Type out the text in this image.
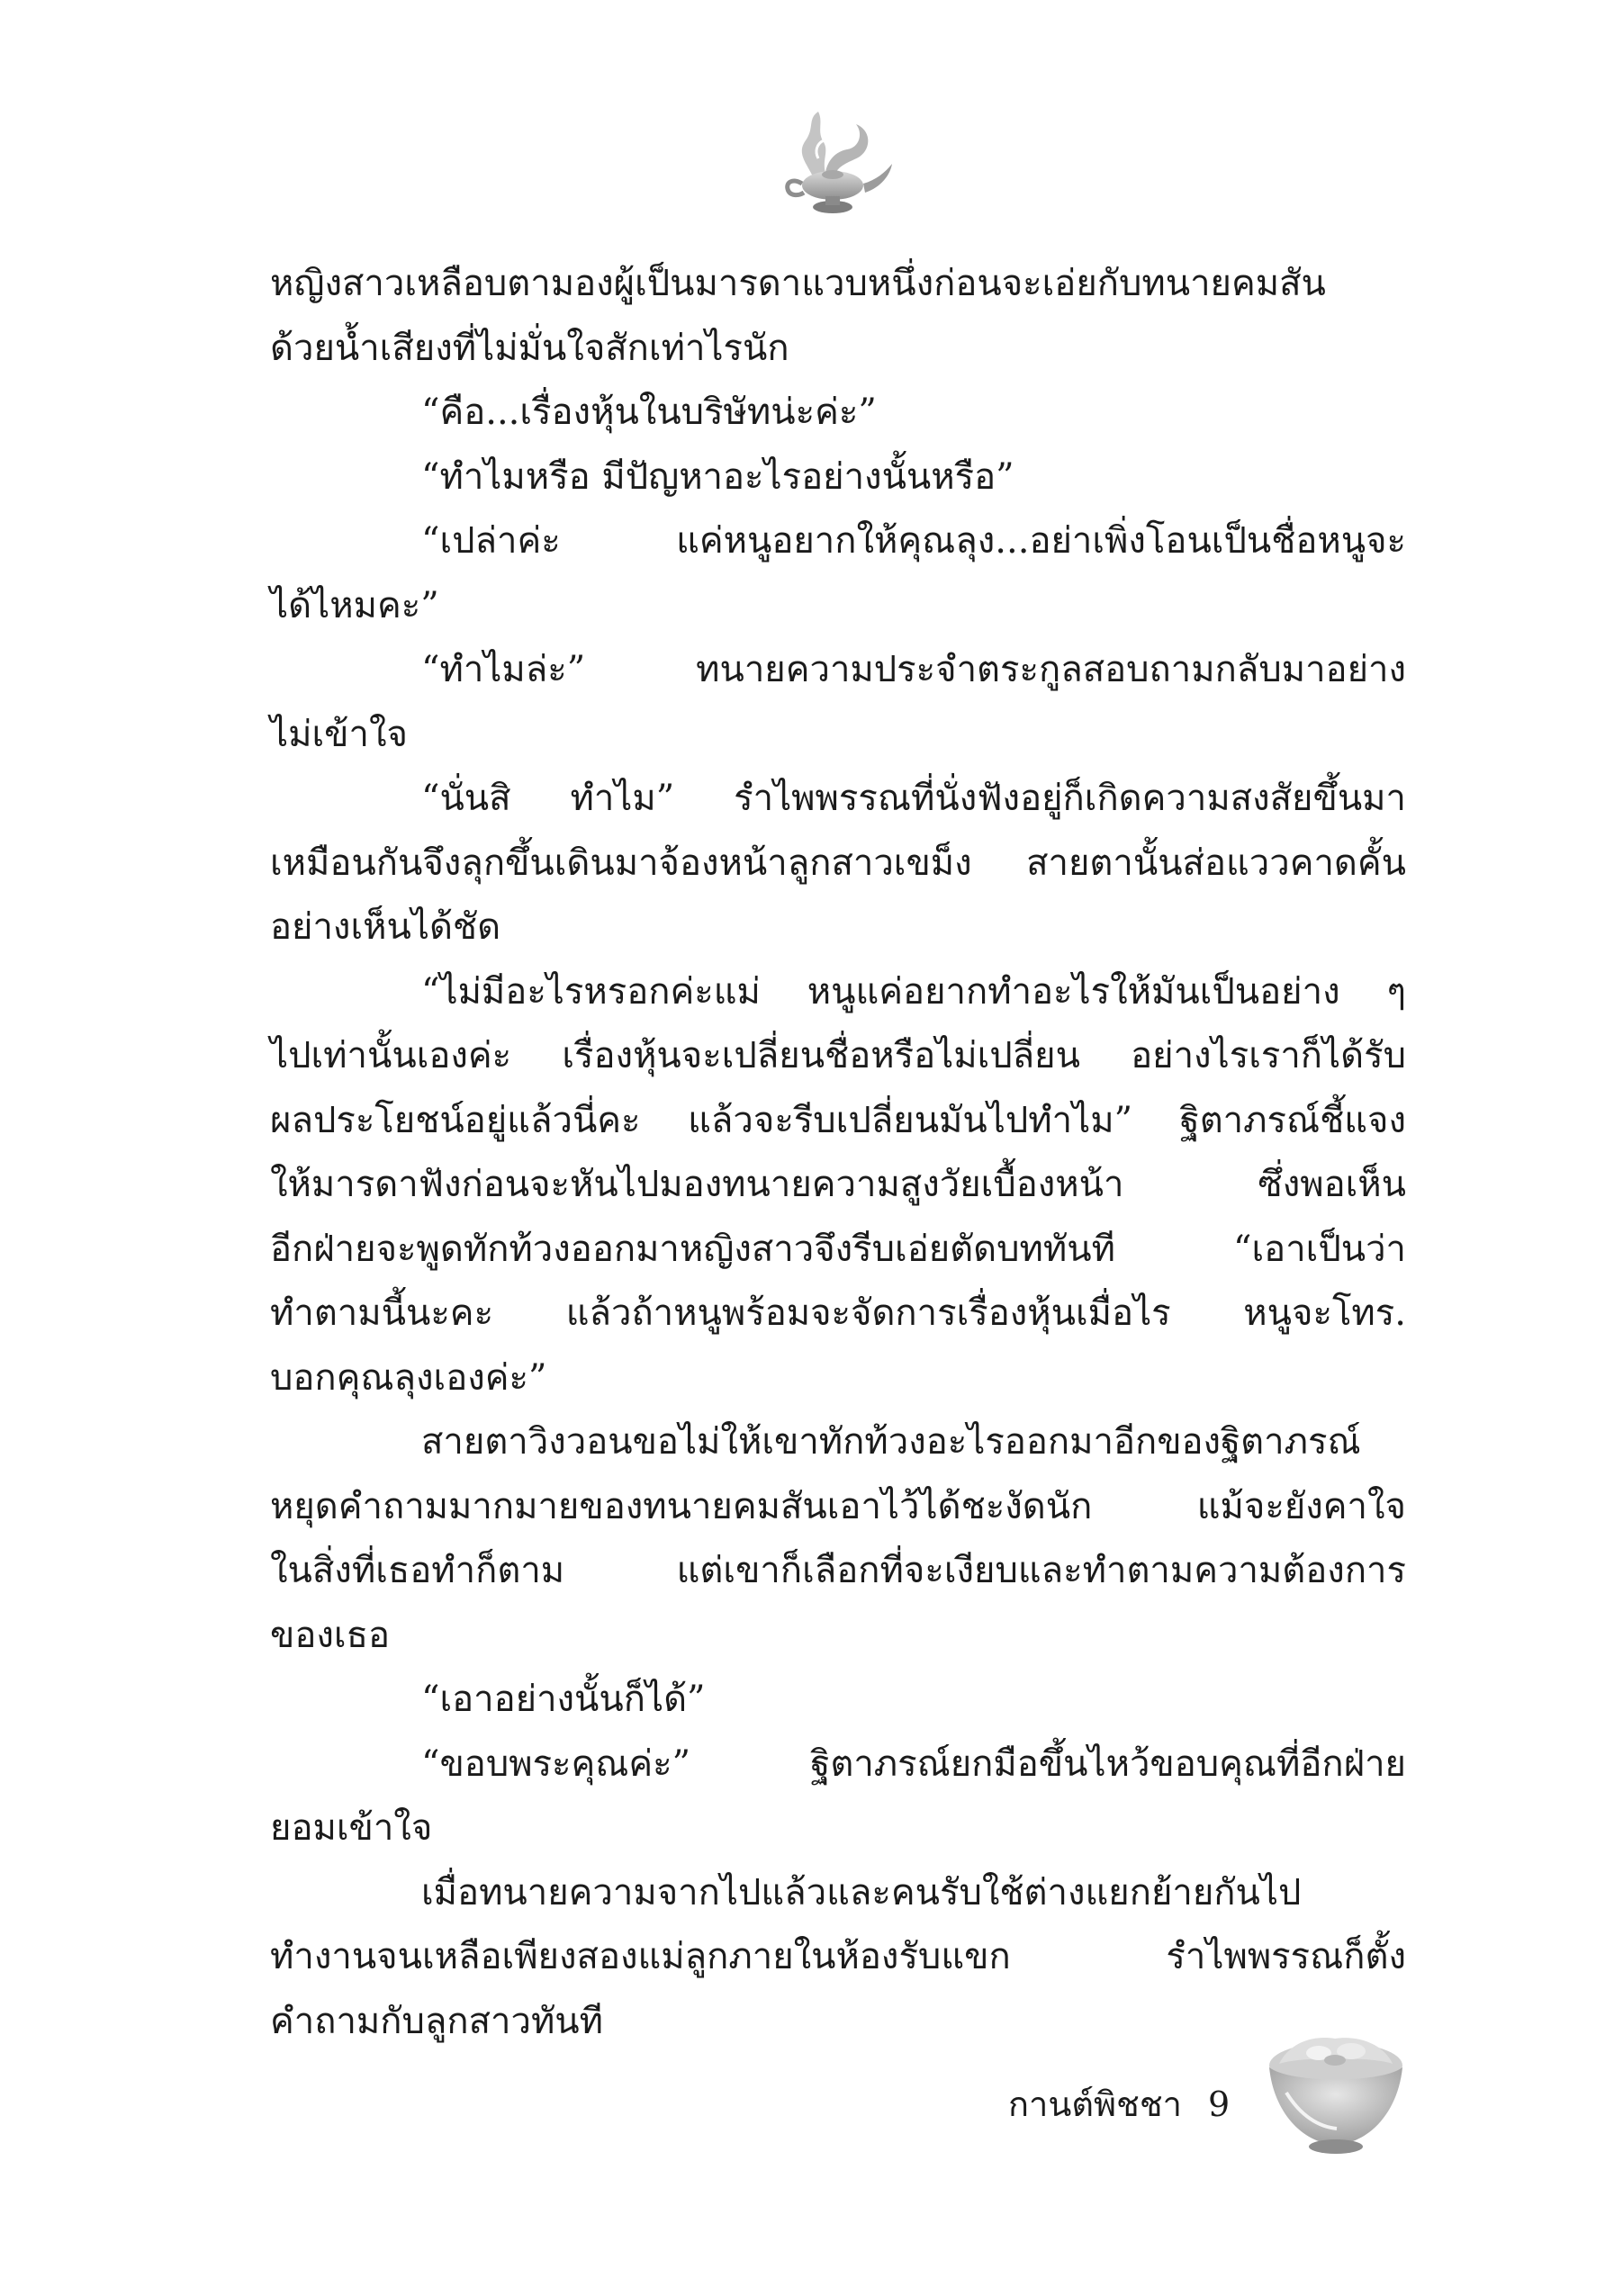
หญิงสาวเหลือบตามองผู้เป็นมารดาแวบหนึ่งก่อนจะเอ่ยกับทนายคมสัน
ด้วยน้ำเสียงที่ไม่มั่นใจสักเท่าไรนัก
“คือ...เรื่องหุ้นในบริษัทน่ะค่ะ”
“ทำไมหรือ มีปัญหาอะไรอย่างนั้นหรือ”
“เปล่าค่ะ แค่หนูอยากให้คุณลุง...อย่าเพิ่งโอนเป็นชื่อหนูจะ
ได้ไหมคะ”
“ทำไมล่ะ” ทนายความประจำตระกูลสอบถามกลับมาอย่าง
ไม่เข้าใจ
“นั่นสิ ทำไม” รำไพพรรณที่นั่งฟังอยู่ก็เกิดความสงสัยขึ้นมา
เหมือนกันจึงลุกขึ้นเดินมาจ้องหน้าลูกสาวเขม็ง สายตานั้นส่อแววคาดคั้น
อย่างเห็นได้ชัด
“ไม่มีอะไรหรอกค่ะแม่ หนูแค่อยากทำอะไรให้มันเป็นอย่าง ๆ
ไปเท่านั้นเองค่ะ เรื่องหุ้นจะเปลี่ยนชื่อหรือไม่เปลี่ยน อย่างไรเราก็ได้รับ
ผลประโยชน์อยู่แล้วนี่คะ แล้วจะรีบเปลี่ยนมันไปทำไม” ฐิตาภรณ์ชี้แจง
ให้มารดาฟังก่อนจะหันไปมองทนายความสูงวัยเบื้องหน้า ซึ่งพอเห็น
อีกฝ่ายจะพูดทักท้วงออกมาหญิงสาวจึงรีบเอ่ยตัดบททันที “เอาเป็นว่า
ทำตามนี้นะคะ แล้วถ้าหนูพร้อมจะจัดการเรื่องหุ้นเมื่อไร หนูจะโทร.
บอกคุณลุงเองค่ะ”
สายตาวิงวอนขอไม่ให้เขาทักท้วงอะไรออกมาอีกของฐิตาภรณ์
หยุดคำถามมากมายของทนายคมสันเอาไว้ได้ชะงัดนัก แม้จะยังคาใจ
ในสิ่งที่เธอทำก็ตาม แต่เขาก็เลือกที่จะเงียบและทำตามความต้องการ
ของเธอ
“เอาอย่างนั้นก็ได้”
“ขอบพระคุณค่ะ” ฐิตาภรณ์ยกมือขึ้นไหว้ขอบคุณที่อีกฝ่าย
ยอมเข้าใจ
เมื่อทนายความจากไปแล้วและคนรับใช้ต่างแยกย้ายกันไป
ทำงานจนเหลือเพียงสองแม่ลูกภายในห้องรับแขก รำไพพรรณก็ตั้ง
คำถามกับลูกสาวทันที
กานต์พิชชา 9
